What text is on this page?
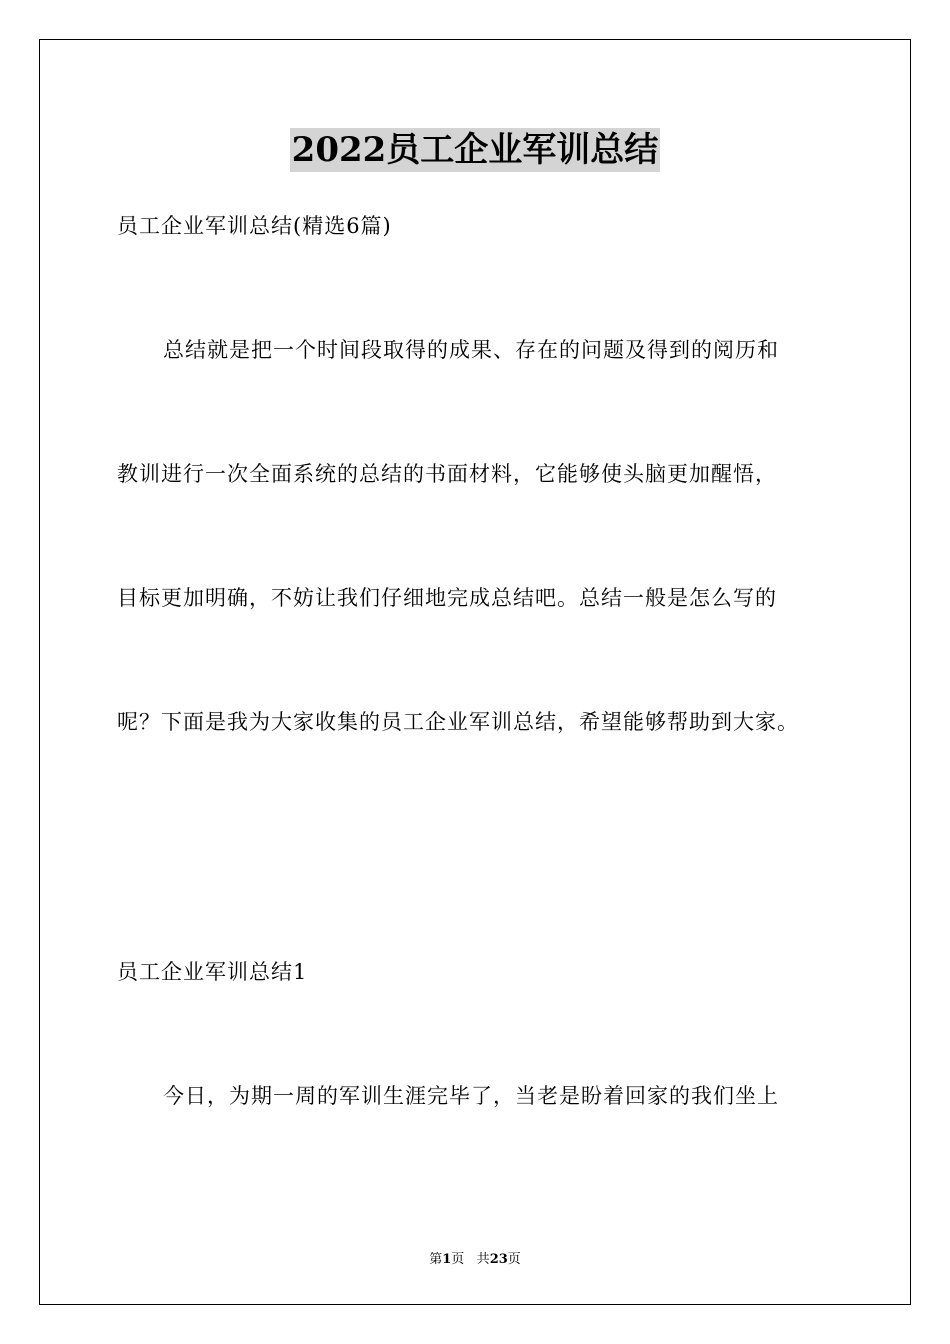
2022员工企业军训总结
员工企业军训总结(精选6篇)
总结就是把一个时间段取得的成果、存在的问题及得到的阅历和
教训进行一次全面系统的总结的书面材料，它能够使头脑更加醒悟，
目标更加明确，不妨让我们仔细地完成总结吧。总结一般是怎么写的
呢？下面是我为大家收集的员工企业军训总结，希望能够帮助到大家。
员工企业军训总结1
今日，为期一周的军训生涯完毕了，当老是盼着回家的我们坐上
第1页 共23页
